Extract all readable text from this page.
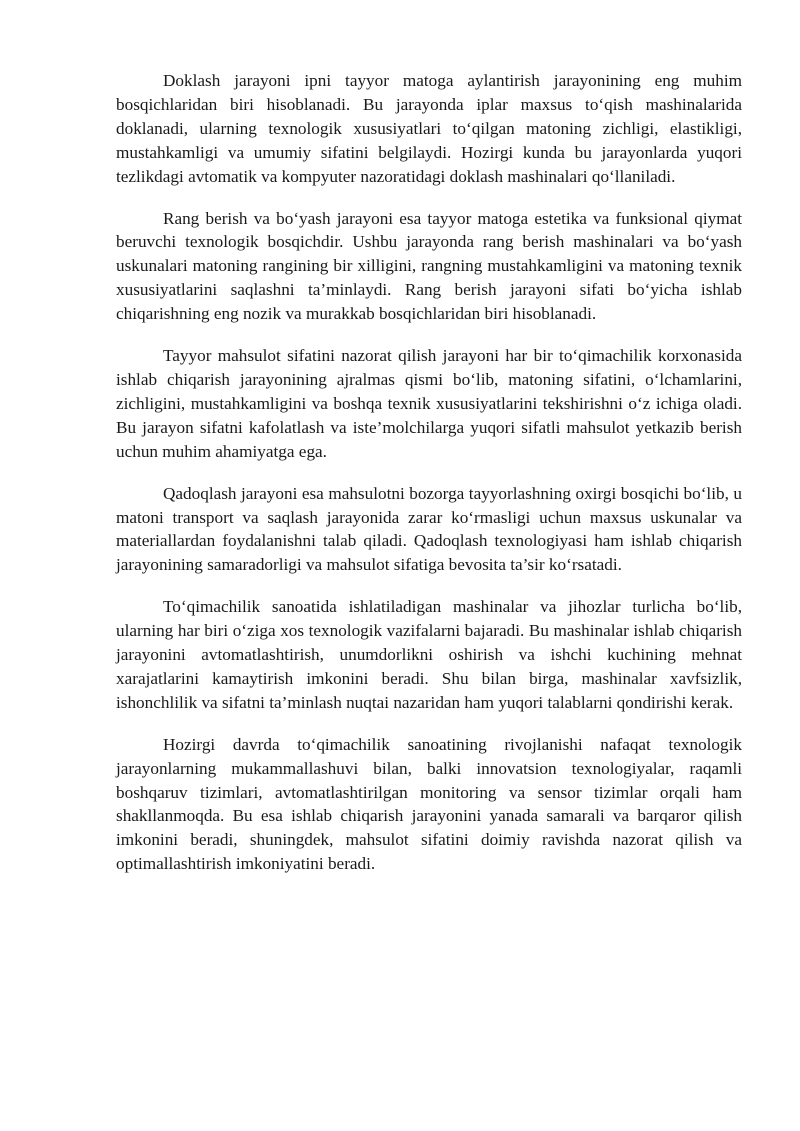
Doklash jarayoni ipni tayyor matoga aylantirish jarayonining eng muhim bosqichlaridan biri hisoblanadi. Bu jarayonda iplar maxsus to‘qish mashinalarida doklanadi, ularning texnologik xususiyatlari to‘qilgan matoning zichligi, elastikligi, mustahkamligi va umumiy sifatini belgilaydi. Hozirgi kunda bu jarayonlarda yuqori tezlikdagi avtomatik va kompyuter nazoratidagi doklash mashinalari qo‘llaniladi.

Rang berish va bo‘yash jarayoni esa tayyor matoga estetika va funksional qiymat beruvchi texnologik bosqichdir. Ushbu jarayonda rang berish mashinalari va bo‘yash uskunalari matoning rangining bir xilligini, rangning mustahkamligini va matoning texnik xususiyatlarini saqlashni ta’minlaydi. Rang berish jarayoni sifati bo‘yicha ishlab chiqarishning eng nozik va murakkab bosqichlaridan biri hisoblanadi.

Tayyor mahsulot sifatini nazorat qilish jarayoni har bir to‘qimachilik korxonasida ishlab chiqarish jarayonining ajralmas qismi bo‘lib, matoning sifatini, o‘lchamlarini, zichligini, mustahkamligini va boshqa texnik xususiyatlarini tekshirishni o‘z ichiga oladi. Bu jarayon sifatni kafolatlash va iste’molchilarga yuqori sifatli mahsulot yetkazib berish uchun muhim ahamiyatga ega.

Qadoqlash jarayoni esa mahsulotni bozorga tayyorlashning oxirgi bosqichi bo‘lib, u matoni transport va saqlash jarayonida zarar ko‘rmasligi uchun maxsus uskunalar va materiallardan foydalanishni talab qiladi. Qadoqlash texnologiyasi ham ishlab chiqarish jarayonining samaradorligi va mahsulot sifatiga bevosita ta’sir ko‘rsatadi.

To‘qimachilik sanoatida ishlatiladigan mashinalar va jihozlar turlicha bo‘lib, ularning har biri o‘ziga xos texnologik vazifalarni bajaradi. Bu mashinalar ishlab chiqarish jarayonini avtomatlashtirish, unumdorlikni oshirish va ishchi kuchining mehnat xarajatlarini kamaytirish imkonini beradi. Shu bilan birga, mashinalar xavfsizlik, ishonchlilik va sifatni ta’minlash nuqtai nazaridan ham yuqori talablarni qondirishi kerak.

Hozirgi davrda to‘qimachilik sanoatining rivojlanishi nafaqat texnologik jarayonlarning mukammallashuvi bilan, balki innovatsion texnologiyalar, raqamli boshqaruv tizimlari, avtomatlashtirilgan monitoring va sensor tizimlar orqali ham shakllanmoqda. Bu esa ishlab chiqarish jarayonini yanada samarali va barqaror qilish imkonini beradi, shuningdek, mahsulot sifatini doimiy ravishda nazorat qilish va optimallashtirish imkoniyatini beradi.
